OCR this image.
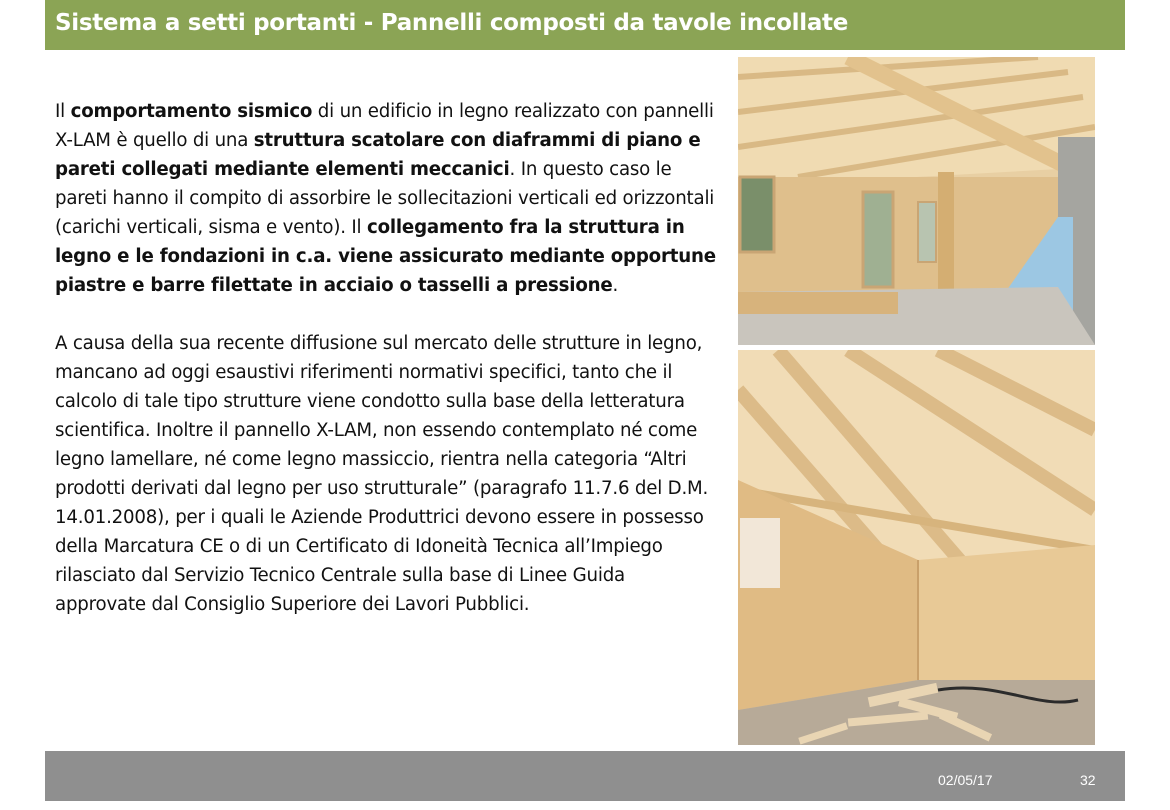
Sistema a setti portanti - Pannelli composti da tavole incollate

Il comportamento sismico di un edificio in legno realizzato con pannelli X-LAM è quello di una struttura scatolare con diaframmi di piano e pareti collegati mediante elementi meccanici. In questo caso le pareti hanno il compito di assorbire le sollecitazioni verticali ed orizzontali (carichi verticali, sisma e vento). Il collegamento fra la struttura in legno e le fondazioni in c.a. viene assicurato mediante opportune piastre e barre filettate in acciaio o tasselli a pressione.

A causa della sua recente diffusione sul mercato delle strutture in legno, mancano ad oggi esaustivi riferimenti normativi specifici, tanto che il calcolo di tale tipo strutture viene condotto sulla base della letteratura scientifica. Inoltre il pannello X-LAM, non essendo contemplato né come legno lamellare, né come legno massiccio, rientra nella categoria “Altri prodotti derivati dal legno per uso strutturale” (paragrafo 11.7.6 del D.M. 14.01.2008), per i quali le Aziende Produttrici devono essere in possesso della Marcatura CE o di un Certificato di Idoneità Tecnica all’Impiego rilasciato dal Servizio Tecnico Centrale sulla base di Linee Guida approvate dal Consiglio Superiore dei Lavori Pubblici.

02/05/17	32
